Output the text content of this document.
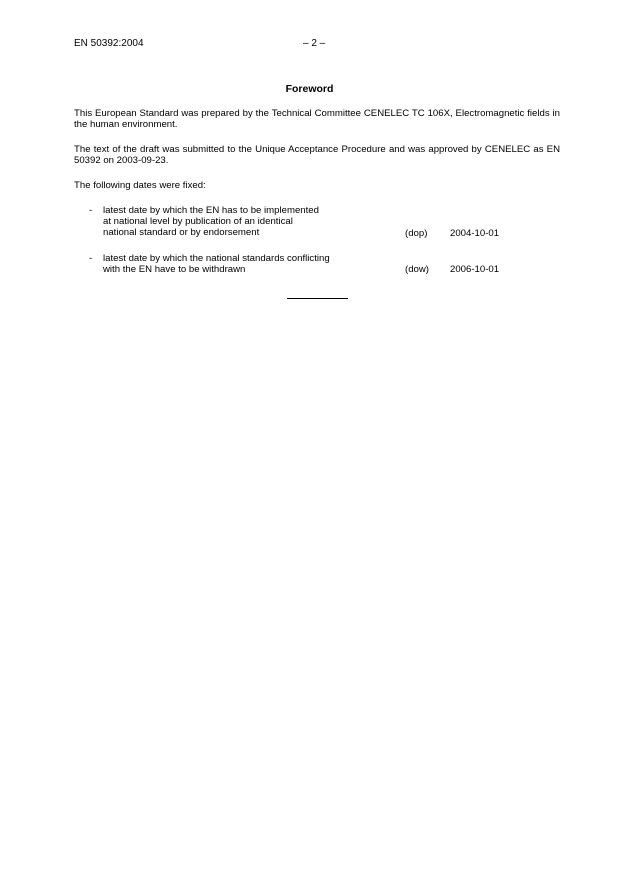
EN 50392:2004	– 2 –
Foreword
This European Standard was prepared by the Technical Committee CENELEC TC 106X, Electromagnetic fields in the human environment.
The text of the draft was submitted to the Unique Acceptance Procedure and was approved by CENELEC as EN 50392 on 2003-09-23.
The following dates were fixed:
- latest date by which the EN has to be implemented
at national level by publication of an identical
national standard or by endorsement	(dop) 2004-10-01
- latest date by which the national standards conflicting
with the EN have to be withdrawn	(dow) 2006-10-01
